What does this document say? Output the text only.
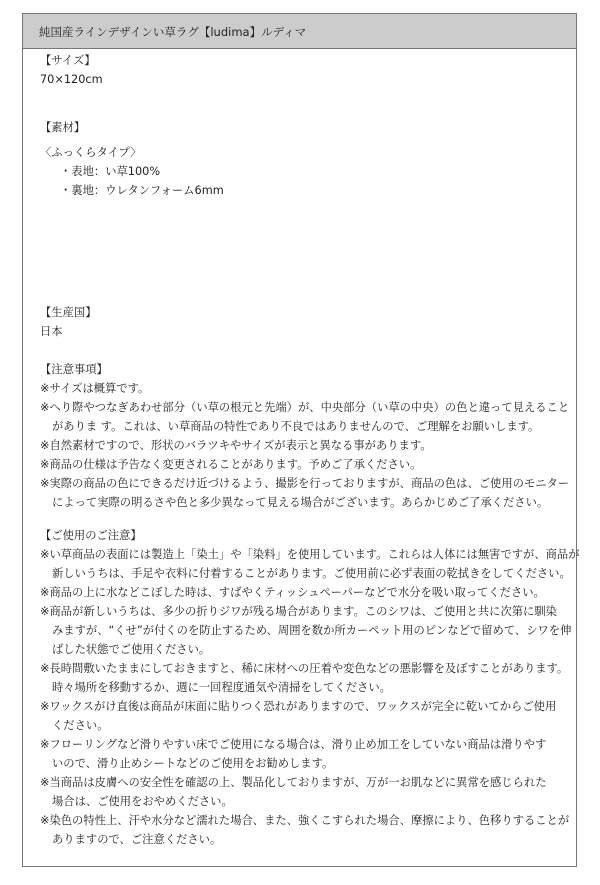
純国産ラインデザインい草ラグ【ludima】ルディマ
【サイズ】
70×120cm
【素材】
〈ふっくらタイプ〉
・表地：い草100%
・裏地：ウレタンフォーム6mm
【生産国】
日本
【注意事項】
※サイズは概算です。
※へり際やつなぎあわせ部分（い草の根元と先端）が、中央部分（い草の中央）の色と違って見えること
がありま す。これは、い草商品の特性であり不良ではありませんので、ご理解をお願いします。
※自然素材ですので、形状のバラツキやサイズが表示と異なる事があります。
※商品の仕様は予告なく変更されることがあります。予めご了承ください。
※実際の商品の色にできるだけ近づけるよう、撮影を行っておりますが、商品の色は、ご使用のモニター
によって実際の明るさや色と多少異なって見える場合がございます。あらかじめご了承ください。
【ご使用のご注意】
※い草商品の表面には製造上「染土」や「染料」を使用しています。これらは人体には無害ですが、商品が
新しいうちは、手足や衣料に付着することがあります。ご使用前に必ず表面の乾拭きをしてください。
※商品の上に水などこぼした時は、すばやくティッシュペーパーなどで水分を吸い取ってください。
※商品が新しいうちは、多少の折りジワが残る場合があります。このシワは、ご使用と共に次第に馴染
みますが、“くせ”が付くのを防止するため、周囲を数か所カーペット用のピンなどで留めて、シワを伸
ばした状態でご使用ください。
※長時間敷いたままにしておきますと、稀に床材への圧着や変色などの悪影響を及ぼすことがあります。
時々場所を移動するか、週に一回程度通気や清掃をしてください。
※ワックスがけ直後は商品が床面に貼りつく恐れがありますので、ワックスが完全に乾いてからご使用
ください。
※フローリングなど滑りやすい床でご使用になる場合は、滑り止め加工をしていない商品は滑りやす
いので、滑り止めシートなどのご使用をお勧めします。
※当商品は皮膚への安全性を確認の上、製品化しておりますが、万が一お肌などに異常を感じられた
場合は、ご使用をおやめください。
※染色の特性上、汗や水分など濡れた場合、また、強くこすられた場合、摩擦により、色移りすることが
ありますので、ご注意ください。
